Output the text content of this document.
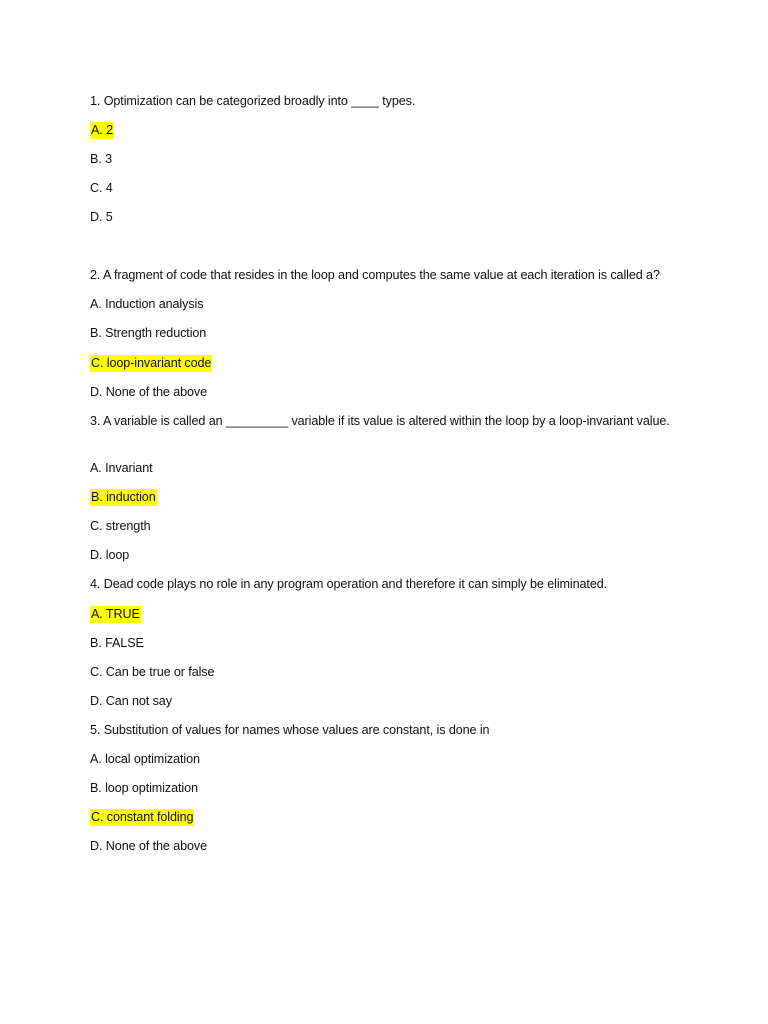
1. Optimization can be categorized broadly into ____ types.
A. 2
B. 3
C. 4
D. 5
2. A fragment of code that resides in the loop and computes the same value at each iteration is called a?
A. Induction analysis
B. Strength reduction
C. loop-invariant code
D. None of the above
3. A variable is called an _________ variable if its value is altered within the loop by a loop-invariant value.
A. Invariant
B. induction
C. strength
D. loop
4. Dead code plays no role in any program operation and therefore it can simply be eliminated.
A. TRUE
B. FALSE
C. Can be true or false
D. Can not say
5. Substitution of values for names whose values are constant, is done in
A. local optimization
B. loop optimization
C. constant folding
D. None of the above
